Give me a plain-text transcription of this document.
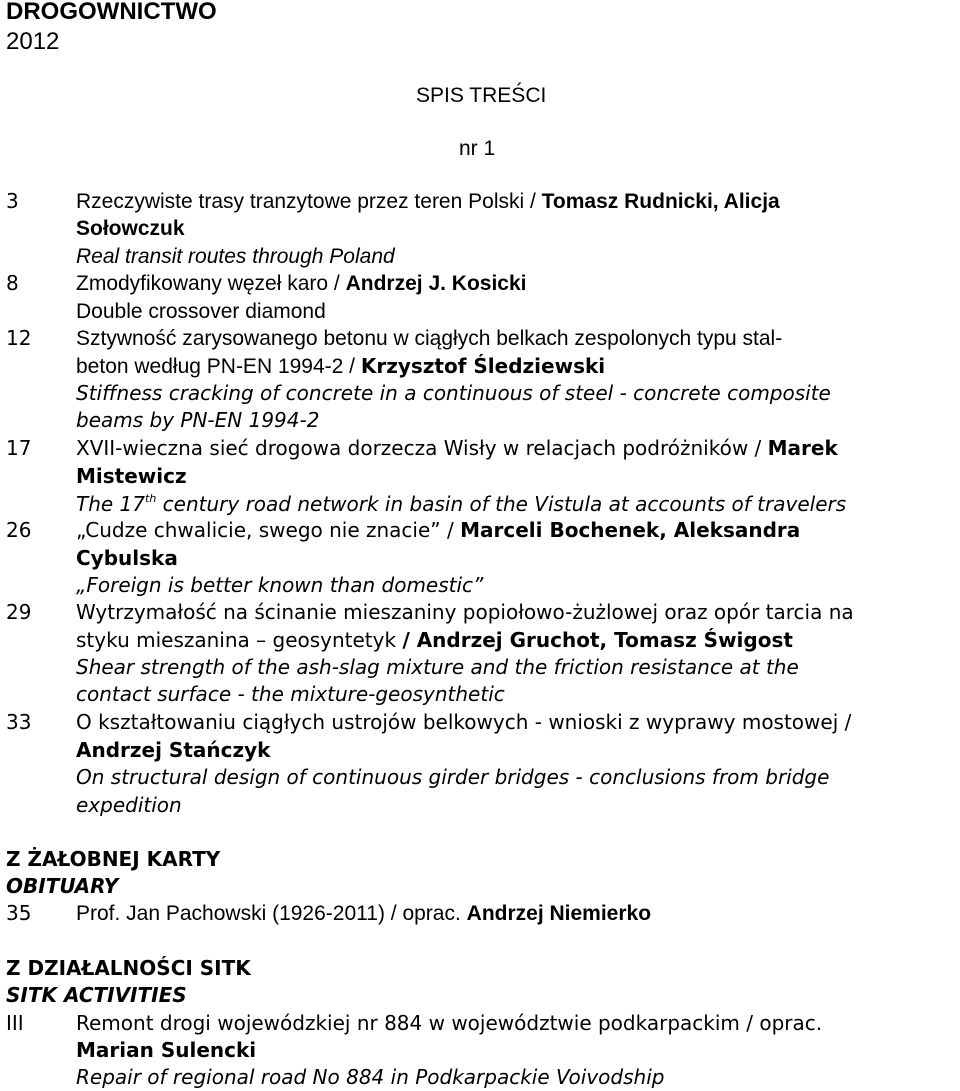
DROGOWNICTWO
2012
SPIS TREŚCI
nr 1
3	Rzeczywiste trasy tranzytowe przez teren Polski / Tomasz Rudnicki, Alicja
Sołowczuk
Real transit routes through Poland
8	Zmodyfikowany węzeł karo / Andrzej J. Kosicki
Double crossover diamond
12 Sztywność zarysowanego betonu w ciągłych belkach zespolonych typu stal-
beton według PN-EN 1994-2 / Krzysztof Śledziewski
Stiffness cracking of concrete in a continuous of steel - concrete composite
beams by PN-EN 1994-2
17 XVII-wieczna sieć drogowa dorzecza Wisły w relacjach podróżników / Marek
Mistewicz
The 17th century road network in basin of the Vistula at accounts of travelers
26 „Cudze chwalicie, swego nie znacie” / Marceli Bochenek, Aleksandra
Cybulska
„Foreign is better known than domestic”
29 Wytrzymałość na ścinanie mieszaniny popiołowo-żużlowej oraz opór tarcia na
styku mieszanina – geosyntetyk / Andrzej Gruchot, Tomasz Świgost
Shear strength of the ash-slag mixture and the friction resistance at the
contact surface - the mixture-geosynthetic
33 O kształtowaniu ciągłych ustrojów belkowych - wnioski z wyprawy mostowej /
Andrzej Stańczyk
On structural design of continuous girder bridges - conclusions from bridge
expedition
Z ŻAŁOBNEJ KARTY
OBITUARY
35 Prof. Jan Pachowski (1926-2011) / oprac. Andrzej Niemierko
Z DZIAŁALNOŚCI SITK
SITK ACTIVITIES
III	Remont drogi wojewódzkiej nr 884 w województwie podkarpackim / oprac.
Marian Sulencki
Repair of regional road No 884 in Podkarpackie Voivodship
